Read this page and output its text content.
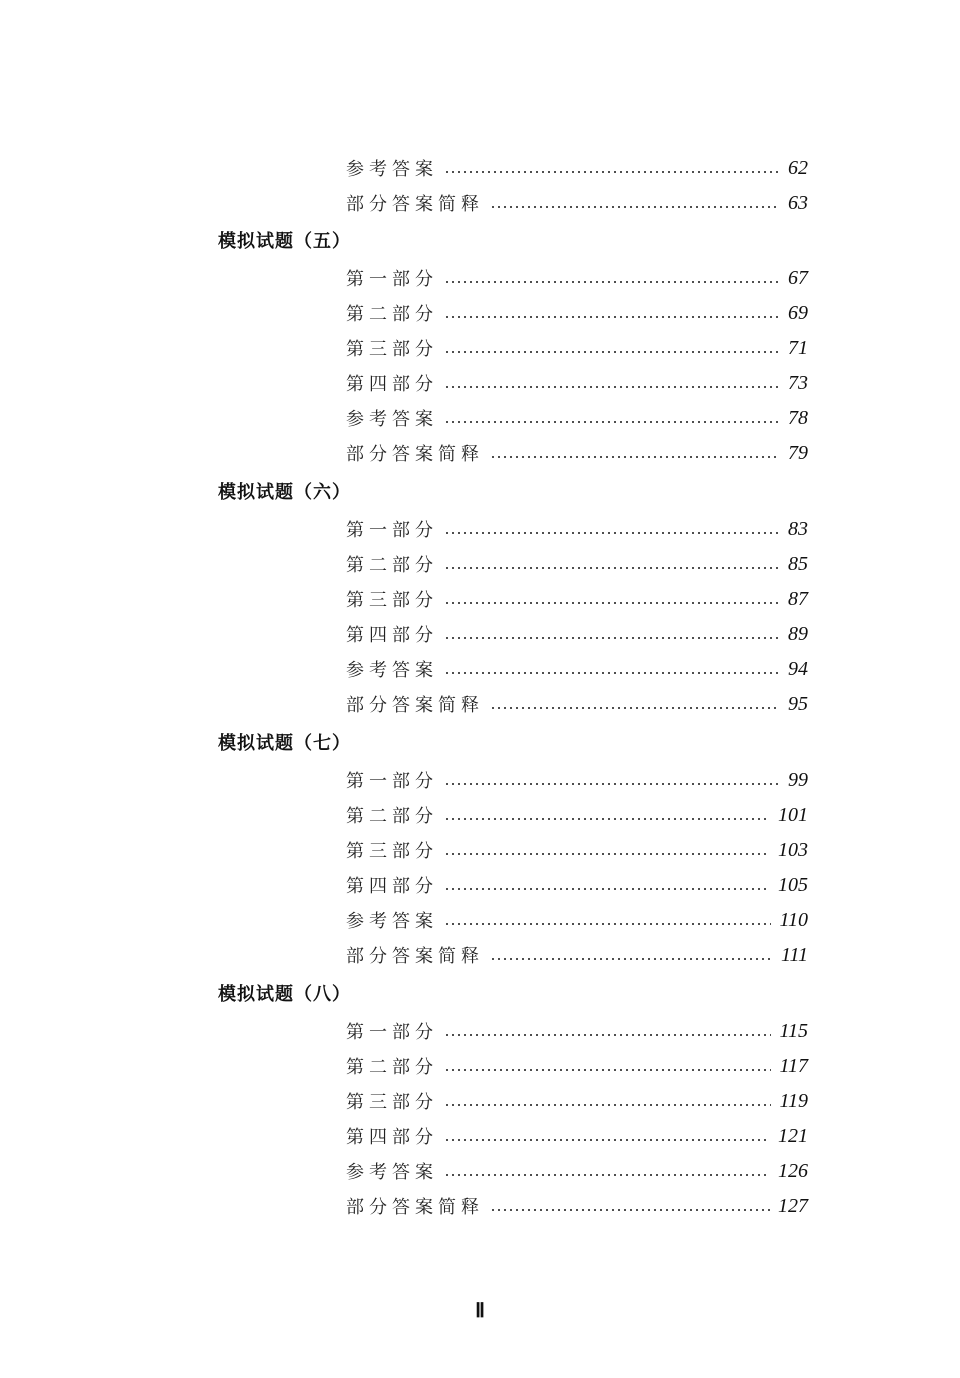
参考答案	62
部分答案简释	63
模拟试题（五）
第一部分	67
第二部分	69
第三部分	71
第四部分	73
参考答案	78
部分答案简释	79
模拟试题（六）
第一部分	83
第二部分	85
第三部分	87
第四部分	89
参考答案	94
部分答案简释	95
模拟试题（七）
第一部分	99
第二部分	101
第三部分	103
第四部分	105
参考答案	110
部分答案简释	111
模拟试题（八）
第一部分	115
第二部分	117
第三部分	119
第四部分	121
参考答案	126
部分答案简释	127
Ⅱ
